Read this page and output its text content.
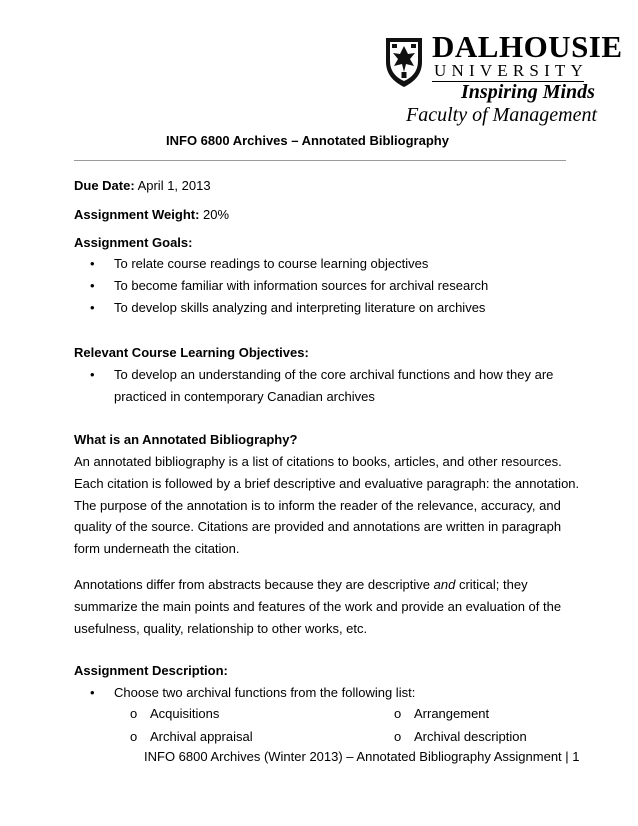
DALHOUSIE
UNIVERSITY
Inspiring Minds
Faculty of Management
INFO 6800 Archives – Annotated Bibliography
Due Date: April 1, 2013
Assignment Weight: 20%
Assignment Goals:
• To relate course readings to course learning objectives
• To become familiar with information sources for archival research
• To develop skills analyzing and interpreting literature on archives
Relevant Course Learning Objectives:
• To develop an understanding of the core archival functions and how they are
practiced in contemporary Canadian archives
What is an Annotated Bibliography?
An annotated bibliography is a list of citations to books, articles, and other resources.
Each citation is followed by a brief descriptive and evaluative paragraph: the annotation.
The purpose of the annotation is to inform the reader of the relevance, accuracy, and
quality of the source. Citations are provided and annotations are written in paragraph
form underneath the citation.
Annotations differ from abstracts because they are descriptive and critical; they
summarize the main points and features of the work and provide an evaluation of the
usefulness, quality, relationship to other works, etc.
Assignment Description:
• Choose two archival functions from the following list:
o Acquisitions	o Arrangement
o Archival appraisal	o Archival description
INFO 6800 Archives (Winter 2013) – Annotated Bibliography Assignment | 1
